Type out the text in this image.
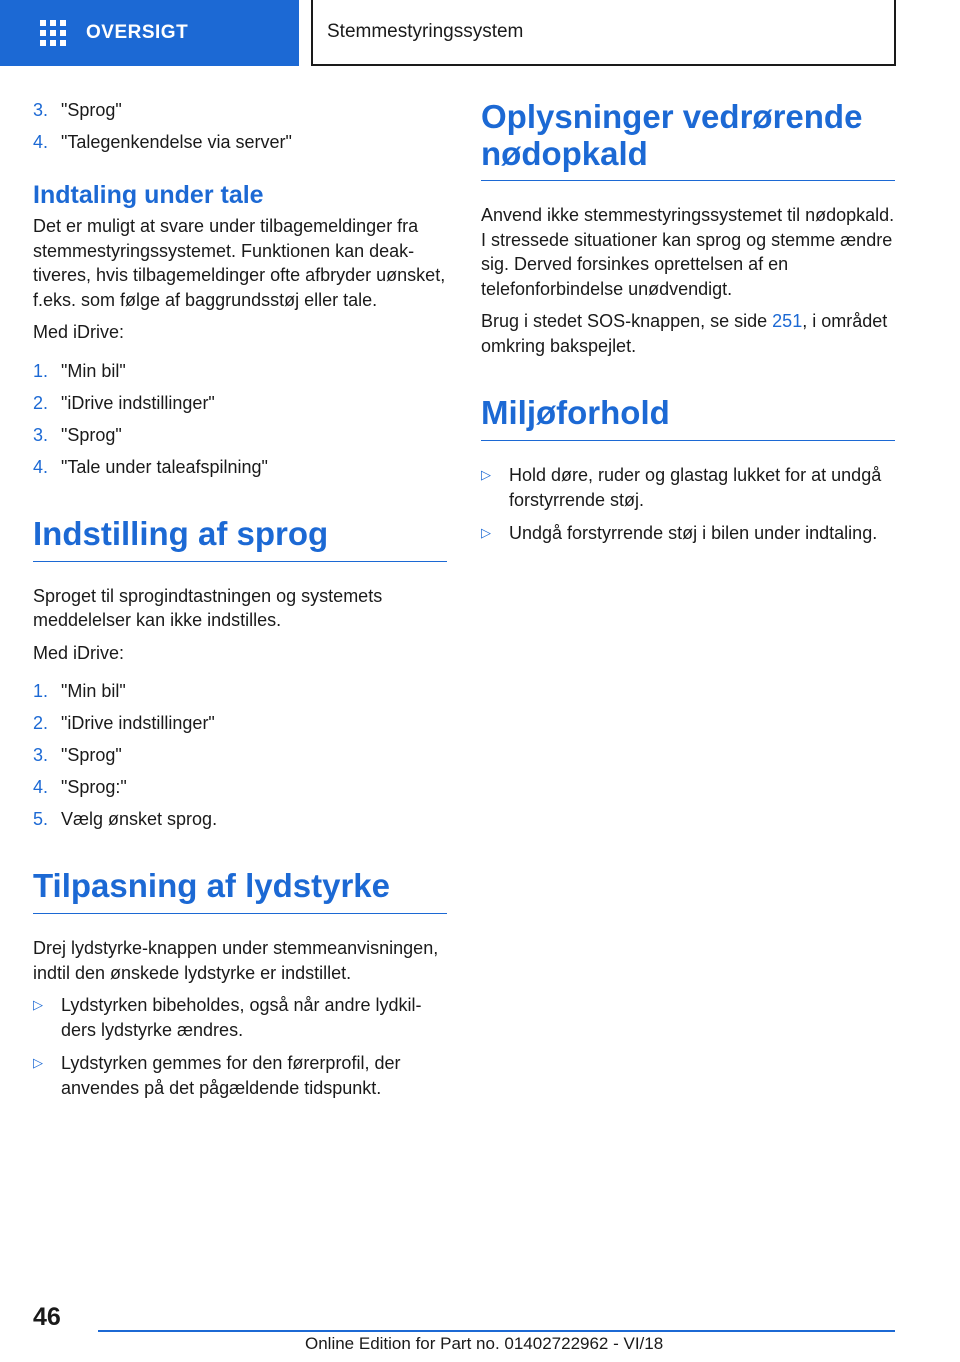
OVERSIGT	Stemmestyringssystem
3. "Sprog"
4. "Talegenkendelse via server"
Indtaling under tale

Det er muligt at svare under tilbagemeldinger fra stemmestyringssystemet. Funktionen kan deaktiveres, hvis tilbagemeldinger ofte afbryder uønsket, f.eks. som følge af baggrundsstøj eller tale.

Med iDrive:

1. "Min bil"
2. "iDrive indstillinger"
3. "Sprog"
4. "Tale under taleafspilning"
Indstilling af sprog

Sproget til sprogindtastningen og systemets meddelelser kan ikke indstilles.

Med iDrive:

1. "Min bil"
2. "iDrive indstillinger"
3. "Sprog"
4. "Sprog:"
5. Vælg ønsket sprog.
Tilpasning af lydstyrke

Drej lydstyrke-knappen under stemmeanvisningen, indtil den ønskede lydstyrke er indstillet.

▷	Lydstyrken bibeholdes, også når andre lydkilders lydstyrke ændres.
▷	Lydstyrken gemmes for den førerprofil, der anvendes på det pågældende tidspunkt.
Oplysninger vedrørende nødopkald

Anvend ikke stemmestyringssystemet til nødopkald. I stressede situationer kan sprog og stemme ændre sig. Derved forsinkes oprettelsen af en telefonforbindelse unødvendigt.

Brug i stedet SOS-knappen, se side 251, i området omkring bakspejlet.

Miljøforhold
▷	Hold døre, ruder og glastag lukket for at undgå forstyrrende støj.
▷	Undgå forstyrrende støj i bilen under indtaling.
46
Online Edition for Part no. 01402722962 - VI/18
